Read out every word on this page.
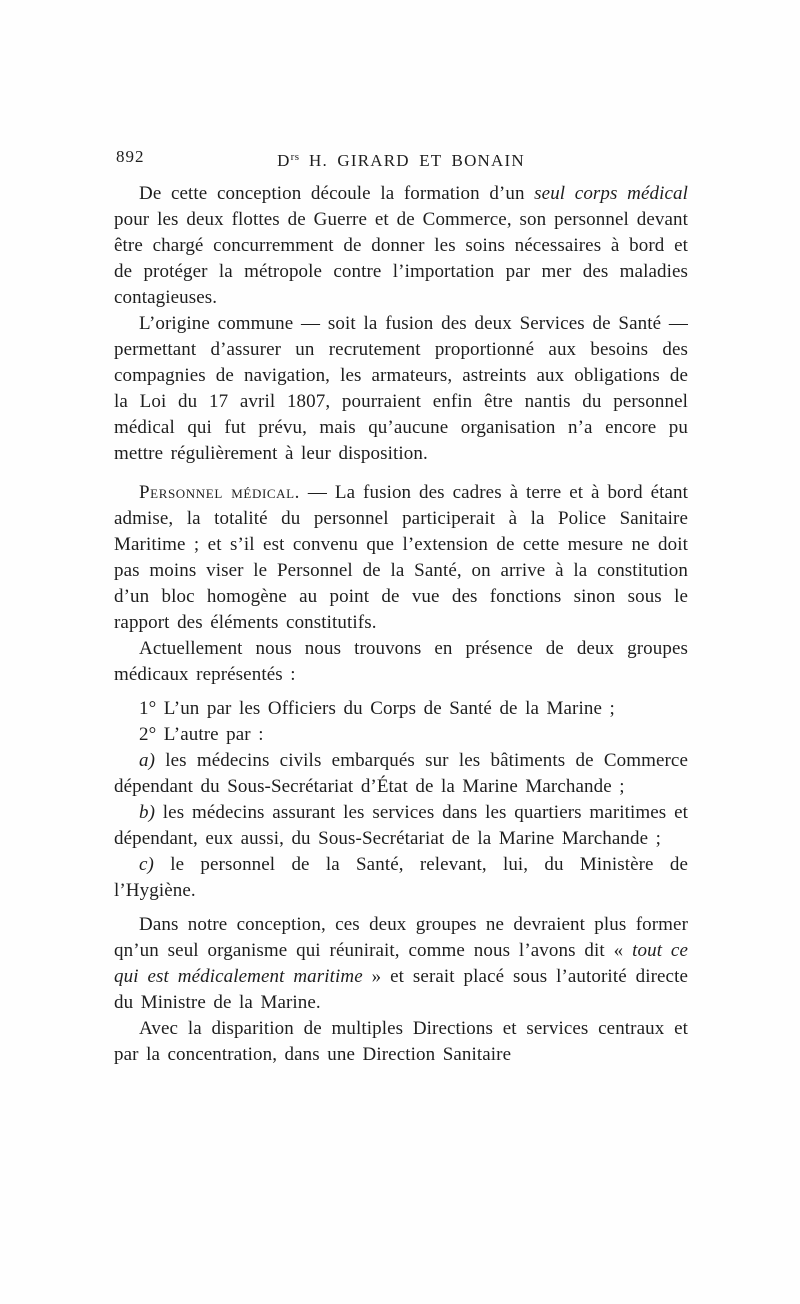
892	$D^{rs}$ H. GIRARD ET BONAIN

De cette conception découle la formation d’un seul corps médical pour les deux flottes de Guerre et de Commerce, son personnel devant être chargé concurremment de donner les soins nécessaires à bord et de protéger la métropole contre l’importation par mer des maladies contagieuses.

L’origine commune — soit la fusion des deux Services de Santé — permettant d’assurer un recrutement proportionné aux besoins des compagnies de navigation, les armateurs, astreints aux obligations de la Loi du 17 avril 1807, pourraient enfin être nantis du personnel médical qui fut prévu, mais qu’aucune organisation n’a encore pu mettre régulièrement à leur disposition.

Personnel médical. — La fusion des cadres à terre et à bord étant admise, la totalité du personnel participerait à la Police Sanitaire Maritime ; et s’il est convenu que l’extension de cette mesure ne doit pas moins viser le Personnel de la Santé, on arrive à la constitution d’un bloc homogène au point de vue des fonctions sinon sous le rapport des éléments constitutifs.

Actuellement nous nous trouvons en présence de deux groupes médicaux représentés :

1° L’un par les Officiers du Corps de Santé de la Marine ;

2° L’autre par :

a) les médecins civils embarqués sur les bâtiments de Commerce dépendant du Sous-Secrétariat d’État de la Marine Marchande ;

b) les médecins assurant les services dans les quartiers maritimes et dépendant, eux aussi, du Sous-Secrétariat de la Marine Marchande ;

c) le personnel de la Santé, relevant, lui, du Ministère de l’Hygiène.

Dans notre conception, ces deux groupes ne devraient plus former qn’un seul organisme qui réunirait, comme nous l’avons dit « tout ce qui est médicalement maritime » et serait placé sous l’autorité directe du Ministre de la Marine.

Avec la disparition de multiples Directions et services centraux et par la concentration, dans une Direction Sanitaire
